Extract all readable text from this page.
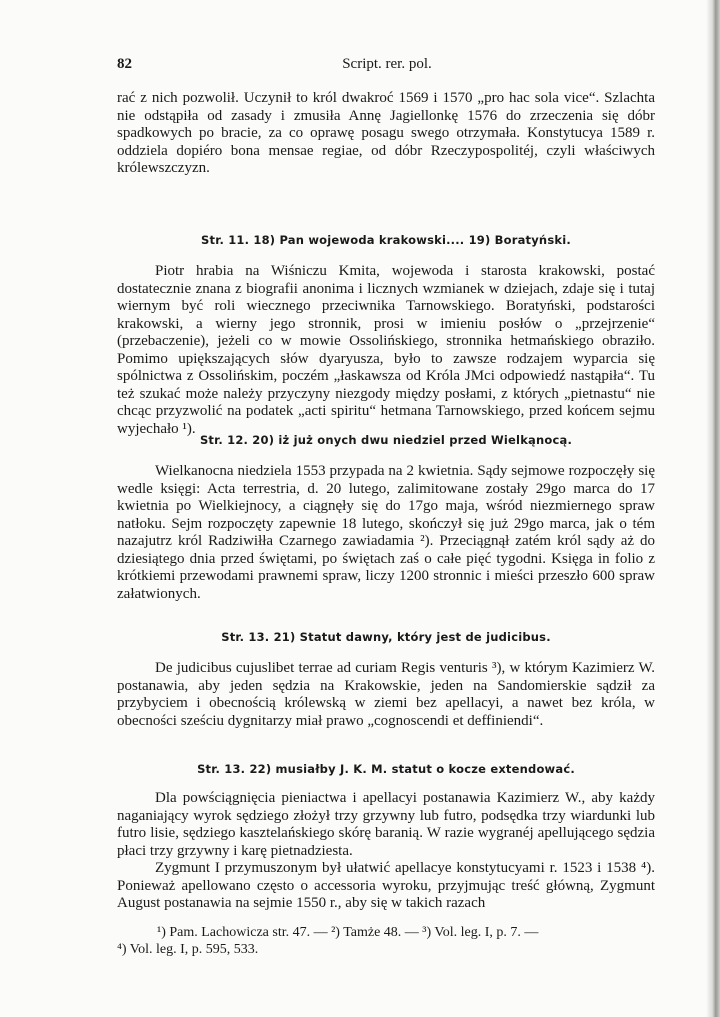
82	Script. rer. pol.

rać z nich pozwolił. Uczynił to król dwakroć 1569 i 1570 „pro hac sola vice“. Szlachta nie odstąpiła od zasady i zmusiła Annę Jagiellonkę 1576 do zrzeczenia się dóbr spadkowych po bracie, za co oprawę posagu swego otrzymała. Konstytucya 1589 r. oddziela dopiéro bona mensae regiae, od dóbr Rzeczypospolitéj, czyli właściwych królewszczyzn.

Str. 11. 18) Pan wojewoda krakowski.... 19) Boratyński.

Piotr hrabia na Wiśniczu Kmita, wojewoda i starosta krakowski, postać dostatecznie znana z biografii anonima i licznych wzmianek w dziejach, zdaje się i tutaj wiernym być roli wiecznego przeciwnika Tarnowskiego. Boratyński, podstarości krakowski, a wierny jego stronnik, prosi w imieniu posłów o „przejrzenie“ (przebaczenie), jeżeli co w mowie Ossolińskiego, stronnika hetmańskiego obraziło. Pomimo upiększających słów dyaryusza, było to zawsze rodzajem wyparcia się spólnictwa z Ossolińskim, poczém „łaskawsza od Króla JMci odpowiedź nastąpiła“. Tu też szukać może należy przyczyny niezgody między posłami, z których „pietnastu“ nie chcąc przyzwolić na podatek „acti spiritu“ hetmana Tarnowskiego, przed końcem sejmu wyjechało ¹).

Str. 12. 20) iż już onych dwu niedziel przed Wielkąnocą.

Wielkanocna niedziela 1553 przypada na 2 kwietnia. Sądy sejmowe rozpoczęły się wedle księgi: Acta terrestria, d. 20 lutego, zalimitowane zostały 29go marca do 17 kwietnia po Wielkiejnocy, a ciągnęły się do 17go maja, wśród niezmiernego spraw natłoku. Sejm rozpoczęty zapewnie 18 lutego, skończył się już 29go marca, jak o tém nazajutrz król Radziwiłła Czarnego zawiadamia ²). Przeciągnął zatém król sądy aż do dziesiątego dnia przed świętami, po świętach zaś o całe pięć tygodni. Księga in folio z krótkiemi przewodami prawnemi spraw, liczy 1200 stronnic i mieści przeszło 600 spraw załatwionych.

Str. 13. 21) Statut dawny, który jest de judicibus.

De judicibus cujuslibet terrae ad curiam Regis venturis ³), w którym Kazimierz W. postanawia, aby jeden sędzia na Krakowskie, jeden na Sandomierskie sądził za przybyciem i obecnością królewską w ziemi bez apellacyi, a nawet bez króla, w obecności sześciu dygnitarzy miał prawo „cognoscendi et deffiniendi“.

Str. 13. 22) musiałby J. K. M. statut o kocze extendować.

Dla powściągnięcia pieniactwa i apellacyi postanawia Kazimierz W., aby każdy naganiający wyrok sędziego złożył trzy grzywny lub futro, podsędka trzy wiardunki lub futro lisie, sędziego kasztelańskiego skórę baranią. W razie wygranéj apellującego sędzia płaci trzy grzywny i karę pietnadziesta.

Zygmunt I przymuszonym był ułatwić apellacye konstytucyami r. 1523 i 1538 ⁴). Ponieważ apellowano często o accessoria wyroku, przyjmując treść główną, Zygmunt August postanawia na sejmie 1550 r., aby się w takich razach

¹) Pam. Lachowicza str. 47. — ²) Tamże 48. — ³) Vol. leg. I, p. 7. —

⁴) Vol. leg. I, p. 595, 533.
